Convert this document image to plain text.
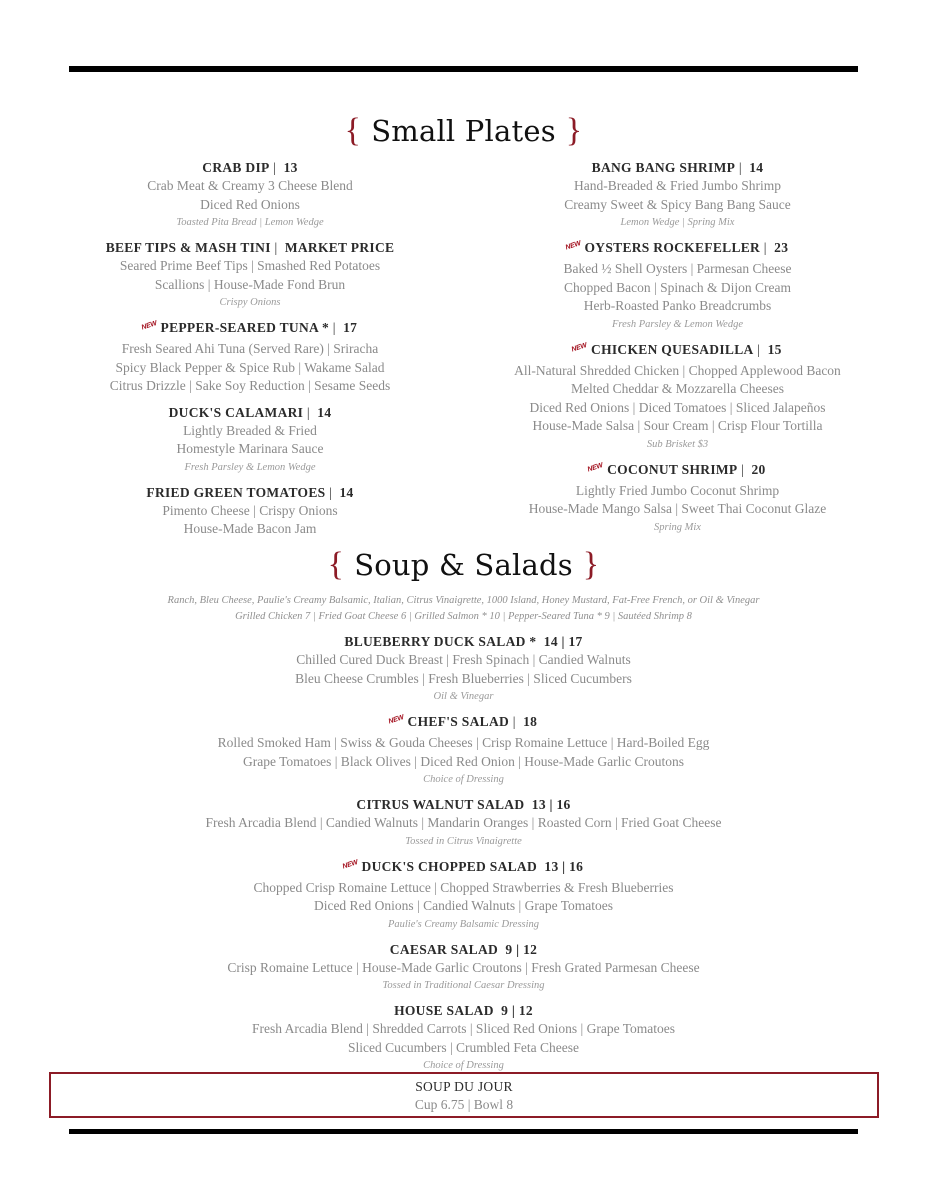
{ Small Plates }
CRAB DIP |  13
Crab Meat & Creamy 3 Cheese Blend
Diced Red Onions
Toasted Pita Bread | Lemon Wedge
BEEF TIPS & MASH TINI |  MARKET PRICE
Seared Prime Beef Tips | Smashed Red Potatoes
Scallions | House-Made Fond Brun
Crispy Onions
NEW PEPPER-SEARED TUNA * |  17
Fresh Seared Ahi Tuna (Served Rare) | Sriracha
Spicy Black Pepper & Spice Rub | Wakame Salad
Citrus Drizzle | Sake Soy Reduction | Sesame Seeds
DUCK'S CALAMARI |  14
Lightly Breaded & Fried
Homestyle Marinara Sauce
Fresh Parsley & Lemon Wedge
FRIED GREEN TOMATOES |  14
Pimento Cheese | Crispy Onions
House-Made Bacon Jam
BANG BANG SHRIMP |  14
Hand-Breaded & Fried Jumbo Shrimp
Creamy Sweet & Spicy Bang Bang Sauce
Lemon Wedge | Spring Mix
NEW OYSTERS ROCKEFELLER |  23
Baked ½ Shell Oysters | Parmesan Cheese
Chopped Bacon | Spinach & Dijon Cream
Herb-Roasted Panko Breadcrumbs
Fresh Parsley & Lemon Wedge
NEW CHICKEN QUESADILLA |  15
All-Natural Shredded Chicken | Chopped Applewood Bacon
Melted Cheddar & Mozzarella Cheeses
Diced Red Onions | Diced Tomatoes | Sliced Jalapeños
House-Made Salsa | Sour Cream | Crisp Flour Tortilla
Sub Brisket $3
NEW COCONUT SHRIMP |  20
Lightly Fried Jumbo Coconut Shrimp
House-Made Mango Salsa | Sweet Thai Coconut Glaze
Spring Mix
{ Soup & Salads }
Ranch, Bleu Cheese, Paulie's Creamy Balsamic, Italian, Citrus Vinaigrette, 1000 Island, Honey Mustard, Fat-Free French, or Oil & Vinegar
Grilled Chicken 7 | Fried Goat Cheese 6 | Grilled Salmon * 10 | Pepper-Seared Tuna * 9 | Sautéed Shrimp 8
BLUEBERRY DUCK SALAD * 14 | 17
Chilled Cured Duck Breast | Fresh Spinach | Candied Walnuts
Bleu Cheese Crumbles | Fresh Blueberries | Sliced Cucumbers
Oil & Vinegar
NEW CHEF'S SALAD |  18
Rolled Smoked Ham | Swiss & Gouda Cheeses | Crisp Romaine Lettuce | Hard-Boiled Egg
Grape Tomatoes | Black Olives | Diced Red Onion | House-Made Garlic Croutons
Choice of Dressing
CITRUS WALNUT SALAD 13 | 16
Fresh Arcadia Blend | Candied Walnuts | Mandarin Oranges | Roasted Corn | Fried Goat Cheese
Tossed in Citrus Vinaigrette
NEW DUCK'S CHOPPED SALAD 13 | 16
Chopped Crisp Romaine Lettuce | Chopped Strawberries & Fresh Blueberries
Diced Red Onions | Candied Walnuts | Grape Tomatoes
Paulie's Creamy Balsamic Dressing
CAESAR SALAD 9 | 12
Crisp Romaine Lettuce | House-Made Garlic Croutons | Fresh Grated Parmesan Cheese
Tossed in Traditional Caesar Dressing
HOUSE SALAD 9 | 12
Fresh Arcadia Blend | Shredded Carrots | Sliced Red Onions | Grape Tomatoes
Sliced Cucumbers | Crumbled Feta Cheese
Choice of Dressing
SOUP DU JOUR
Cup 6.75 | Bowl 8
